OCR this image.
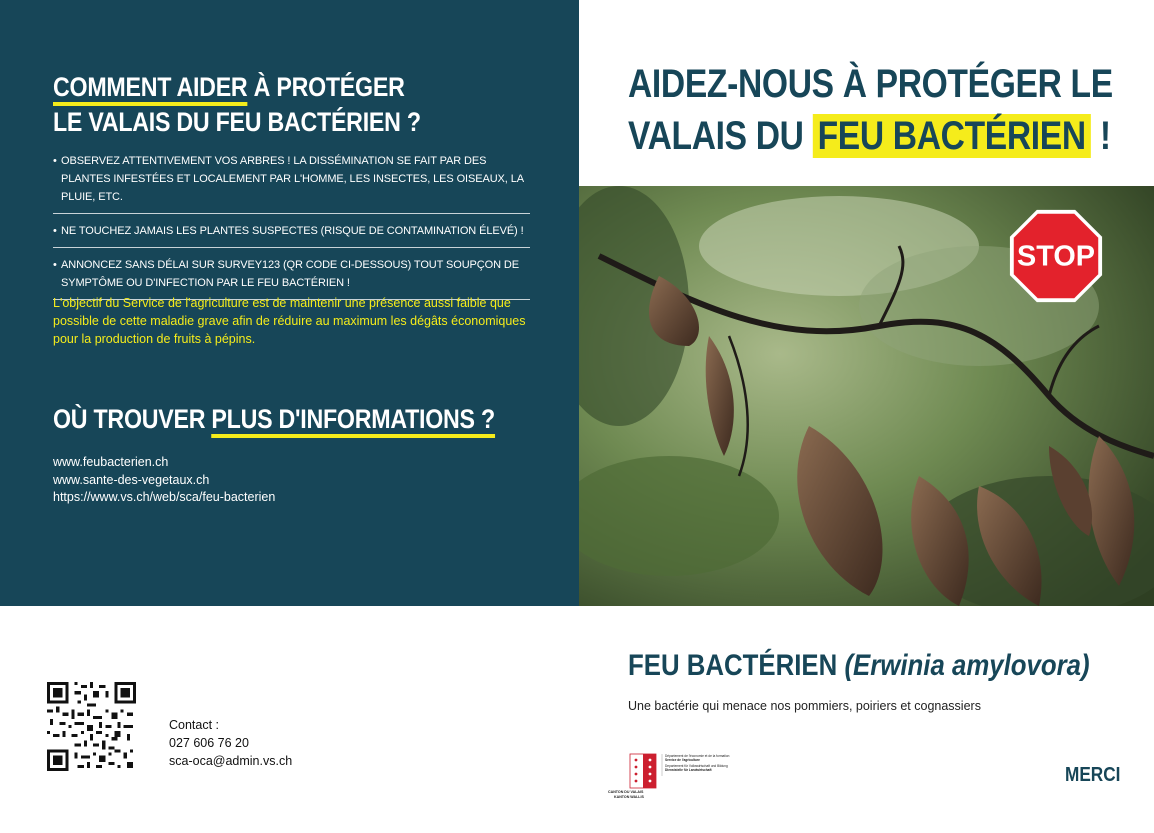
COMMENT AIDER À PROTÉGER
LE VALAIS DU FEU BACTÉRIEN ?
• OBSERVEZ ATTENTIVEMENT VOS ARBRES ! LA DISSÉMINATION SE FAIT PAR DES PLANTES INFESTÉES ET LOCALEMENT PAR L'HOMME, LES INSECTES, LES OISEAUX, LA PLUIE, ETC.
• NE TOUCHEZ JAMAIS LES PLANTES SUSPECTES (RISQUE DE CONTAMINATION ÉLEVÉ) !
• ANNONCEZ SANS DÉLAI SUR SURVEY123 (QR CODE CI-DESSOUS) TOUT SOUPÇON DE SYMPTÔME OU D'INFECTION PAR LE FEU BACTÉRIEN !

L'objectif du Service de l'agriculture est de maintenir une présence aussi faible que possible de cette maladie grave afin de réduire au maximum les dégâts économiques pour la production de fruits à pépins.

OÙ TROUVER PLUS D'INFORMATIONS ?
www.feubacterien.ch
www.sante-des-vegetaux.ch
https://www.vs.ch/web/sca/feu-bacterien
AIDEZ-NOUS À PROTÉGER LE
VALAIS DU FEU BACTÉRIEN !
STOP
Contact :
027 606 76 20
sca-oca@admin.vs.ch
FEU BACTÉRIEN (Erwinia amylovora)

Une bactérie qui menace nos pommiers, poiriers et cognassiers

Département de l'économie et de la formation
Service de l'agriculture
Departement für Volkswirtschaft und Bildung
Dienststelle für Landwirtschaft
CANTON DU VALAIS
KANTON WALLIS

MERCI
